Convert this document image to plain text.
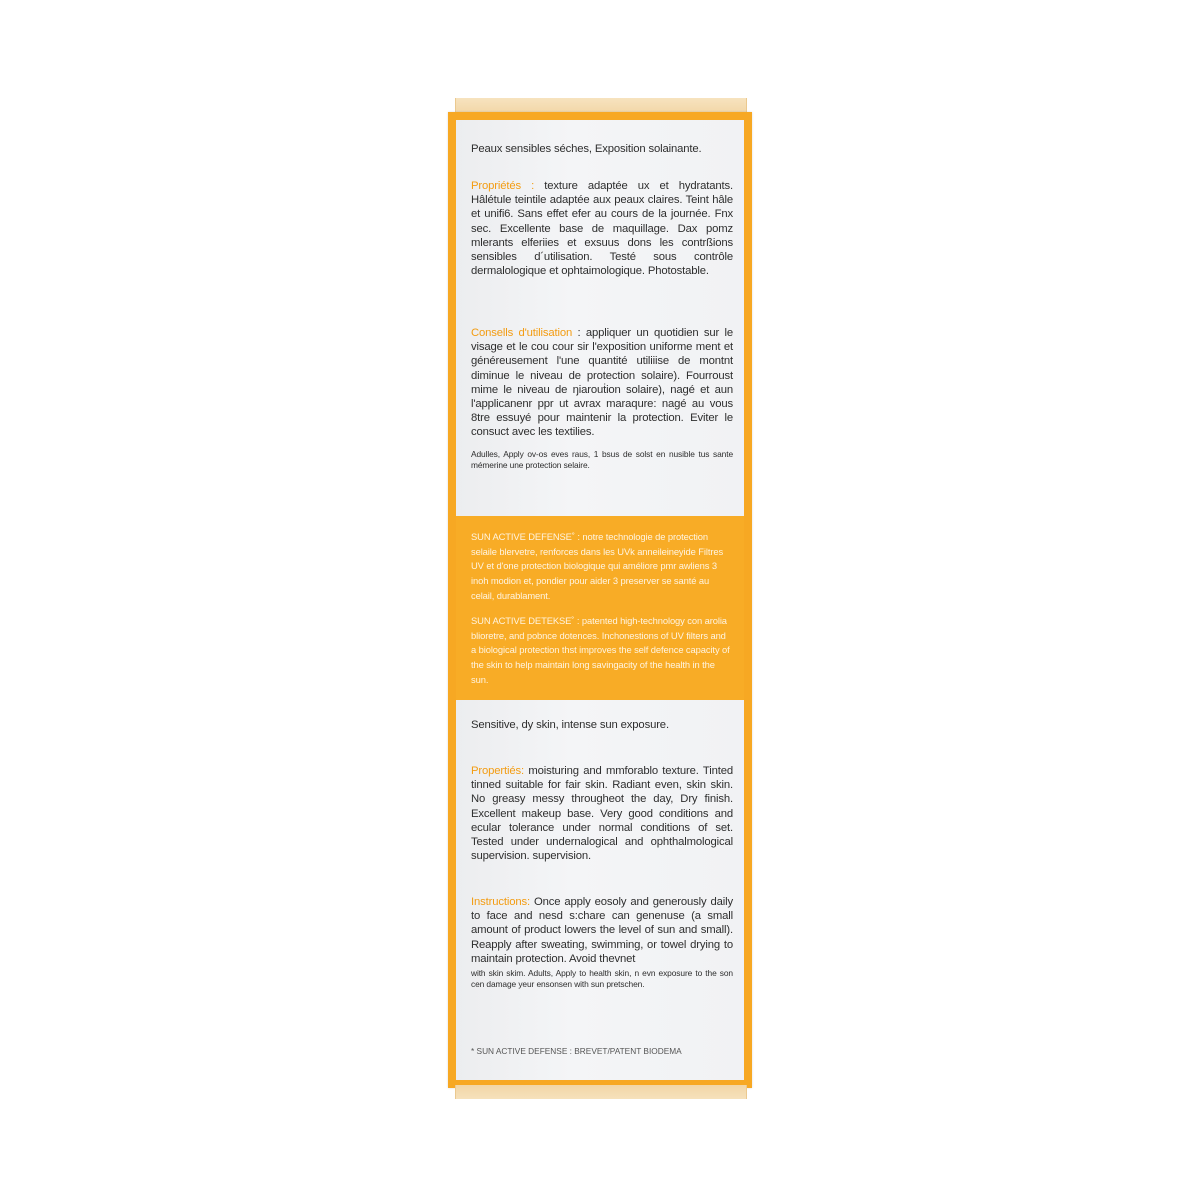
Peaux sensibles séches, Exposition solainante.
Propriétés : texture adaptée ux et hydratants. Hâlétule teintile adaptée aux peaux claires. Teint hâle et unifi6. Sans effet efer au cours de la journée. Fnx sec. Excellente base de maquillage. Dax pomz mlerants elferiies et exsuus dons les contrßions sensibles d´utilisation. Testé sous contrôle dermalologique et ophtaimologique. Photostable.
Consells d'utilisation : appliquer un quotidien sur le visage et le cou cour sir l'exposition uniforme ment et généreusement l'une quantité utiliiise de montnt diminue le niveau de protection solaire). Fourroust mime le niveau de ŋiarouṫion solaire), nagé et aun l'applicanenr ppr ut avrax maraqure: nagé au vous 8tre essuyé pour maintenir la protection. Eviter le consuct avec les textilies.
Adulles, Apply ov-os eves raus, 1 bsus de solst en nusible tus sante mémerine une protection selaire.
SUN ACTIVE DEFENSE˚ : notre technologie de protection selaile blervetre, renforces dans les UVk anneileineyide Filtres UV et d'one protection biologique qui améliore pmr awliens 3 inoh modion et, pondier pour aider 3 preserver se santé au celail, durablament.
SUN ACTIVE DETEKSE˚ : patented high-technology con arolia blioretre, and pobnce dotences. Inchonestions of UV filters and a biological protection thst improves the self defence capacity of the skin to help maintain long savingacity of the health in the sun.
Sensitive, dy skin, intense sun exposure.
Propertiés: moisturing and mmforablo texture. Tinted tinned suitable for fair skin. Radiant even, skin skin. No greasy messy througheot the day, Dry finish. Excellent makeup base. Very good conditions and ecular tolerance under normal conditions of set. Tested under undernalogical and ophthalmological supervision. supervision.
Instructions: Once apply eosoly and generously daily to face and nesd s:chare can genenuse (a small amount of product lowers the level of sun and small). Reapply after sweating, swimming, or towel drying to maintain protection. Avoid thevnet
with skin skim. Adults, Apply to health skin, n evn exposure to the son cen damage yeur ensonsen with sun pretschen.
* SUN ACTIVE DEFENSE : BREVET/PATENT BIODEMA
